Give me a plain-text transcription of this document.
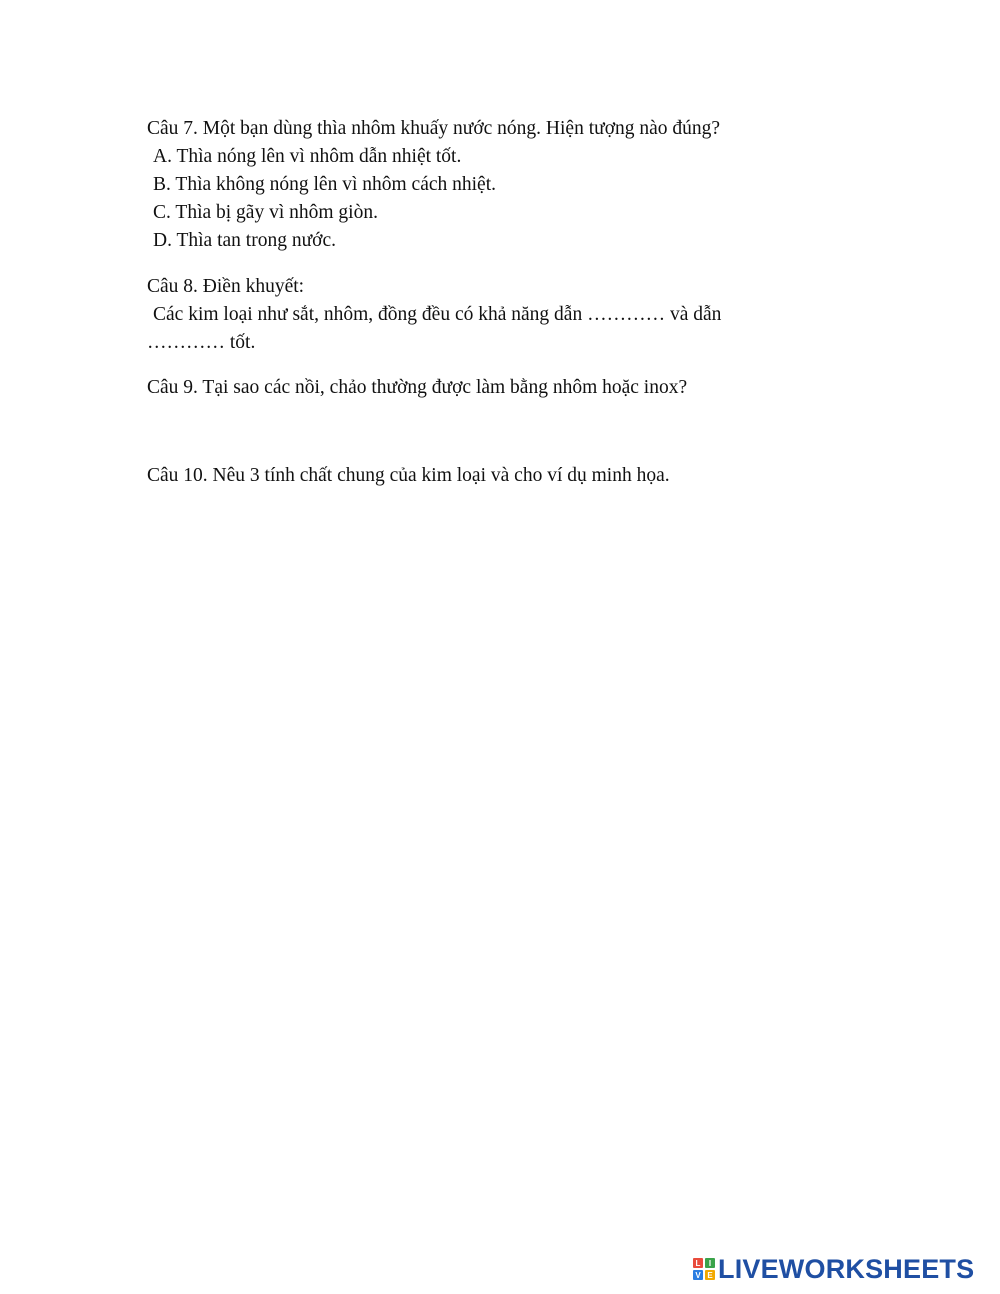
Câu 7. Một bạn dùng thìa nhôm khuấy nước nóng. Hiện tượng nào đúng?
A. Thìa nóng lên vì nhôm dẫn nhiệt tốt.
B. Thìa không nóng lên vì nhôm cách nhiệt.
C. Thìa bị gãy vì nhôm giòn.
D. Thìa tan trong nước.
Câu 8. Điền khuyết:
Các kim loại như sắt, nhôm, đồng đều có khả năng dẫn ………… và dẫn
………… tốt.
Câu 9. Tại sao các nồi, chảo thường được làm bằng nhôm hoặc inox?
Câu 10. Nêu 3 tính chất chung của kim loại và cho ví dụ minh họa.
L	I
V E LIVEWORKSHEETS
